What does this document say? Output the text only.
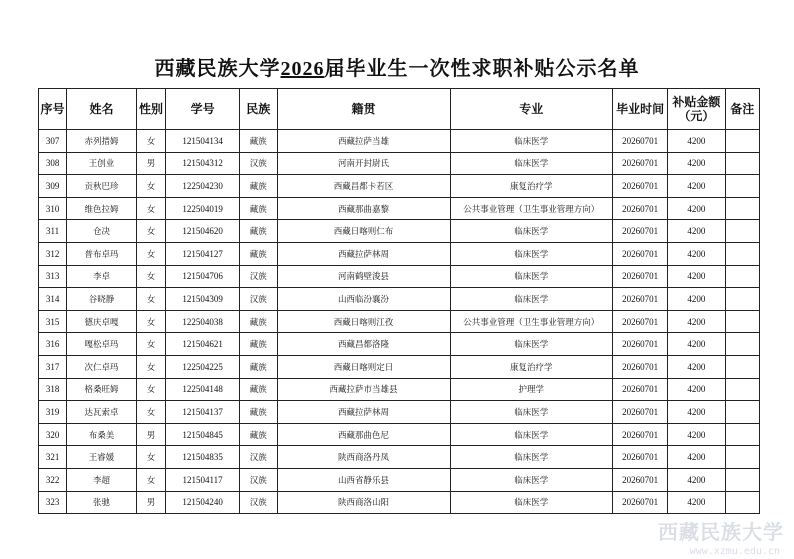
西藏民族大学2026届毕业生一次性求职补贴公示名单
序号	姓名	性别	学号	民族	籍贯	专业	毕业时间	补贴金额（元）	备注
307	赤列措姆	女	121504134	藏族	西藏拉萨当雄	临床医学	20260701	4200	
308	王创业	男	121504312	汉族	河南开封尉氏	临床医学	20260701	4200	
309	贡秋巴珍	女	122504230	藏族	西藏昌都卡若区	康复治疗学	20260701	4200	
310	维色拉姆	女	122504019	藏族	西藏那曲嘉黎	公共事业管理（卫生事业管理方向）	20260701	4200	
311	仓决	女	121504620	藏族	西藏日喀则仁布	临床医学	20260701	4200	
312	普布卓玛	女	121504127	藏族	西藏拉萨林周	临床医学	20260701	4200	
313	李卓	女	121504706	汉族	河南鹤壁浚县	临床医学	20260701	4200	
314	谷晓静	女	121504309	汉族	山西临汾襄汾	临床医学	20260701	4200	
315	德庆卓嘎	女	122504038	藏族	西藏日喀则江孜	公共事业管理（卫生事业管理方向）	20260701	4200	
316	嘎松卓玛	女	121504621	藏族	西藏昌都洛隆	临床医学	20260701	4200	
317	次仁卓玛	女	122504225	藏族	西藏日喀则定日	康复治疗学	20260701	4200	
318	格桑旺姆	女	122504148	藏族	西藏拉萨市当雄县	护理学	20260701	4200	
319	达瓦索卓	女	121504137	藏族	西藏拉萨林周	临床医学	20260701	4200	
320	布桑美	男	121504845	藏族	西藏那曲色尼	临床医学	20260701	4200	
321	王睿媛	女	121504835	汉族	陕西商洛丹凤	临床医学	20260701	4200	
322	李超	女	121504117	汉族	山西省静乐县	临床医学	20260701	4200	
323	张驰	男	121504240	汉族	陕西商洛山阳	临床医学	20260701	4200	
西藏民族大学
www.xzmu.edu.cn
